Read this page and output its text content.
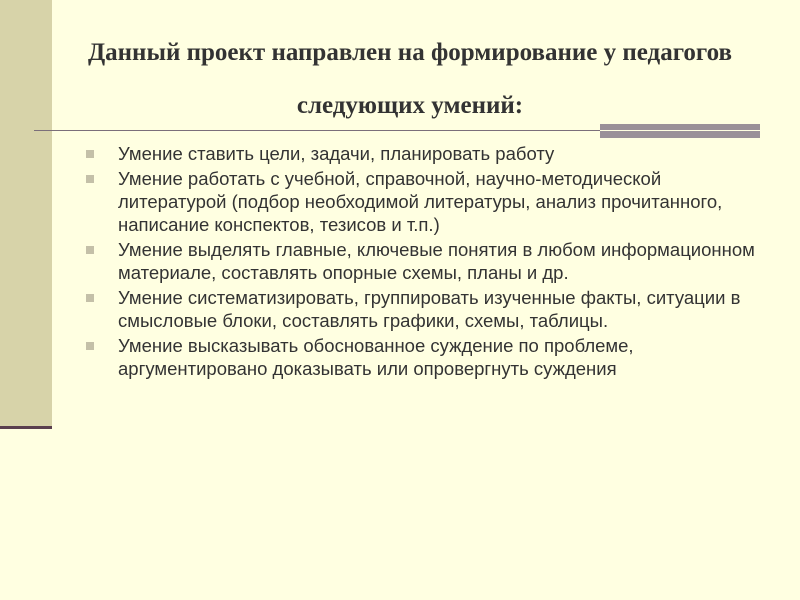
Данный проект направлен на формирование у педагогов следующих умений:
Умение ставить цели, задачи, планировать работу
Умение работать с учебной, справочной, научно-методической литературой (подбор необходимой литературы, анализ прочитанного, написание конспектов, тезисов и т.п.)
Умение выделять главные, ключевые понятия в любом информационном материале, составлять опорные схемы, планы и др.
Умение систематизировать, группировать изученные факты, ситуации в смысловые блоки, составлять графики, схемы, таблицы.
Умение высказывать обоснованное суждение по проблеме, аргументировано доказывать или опровергнуть суждения
